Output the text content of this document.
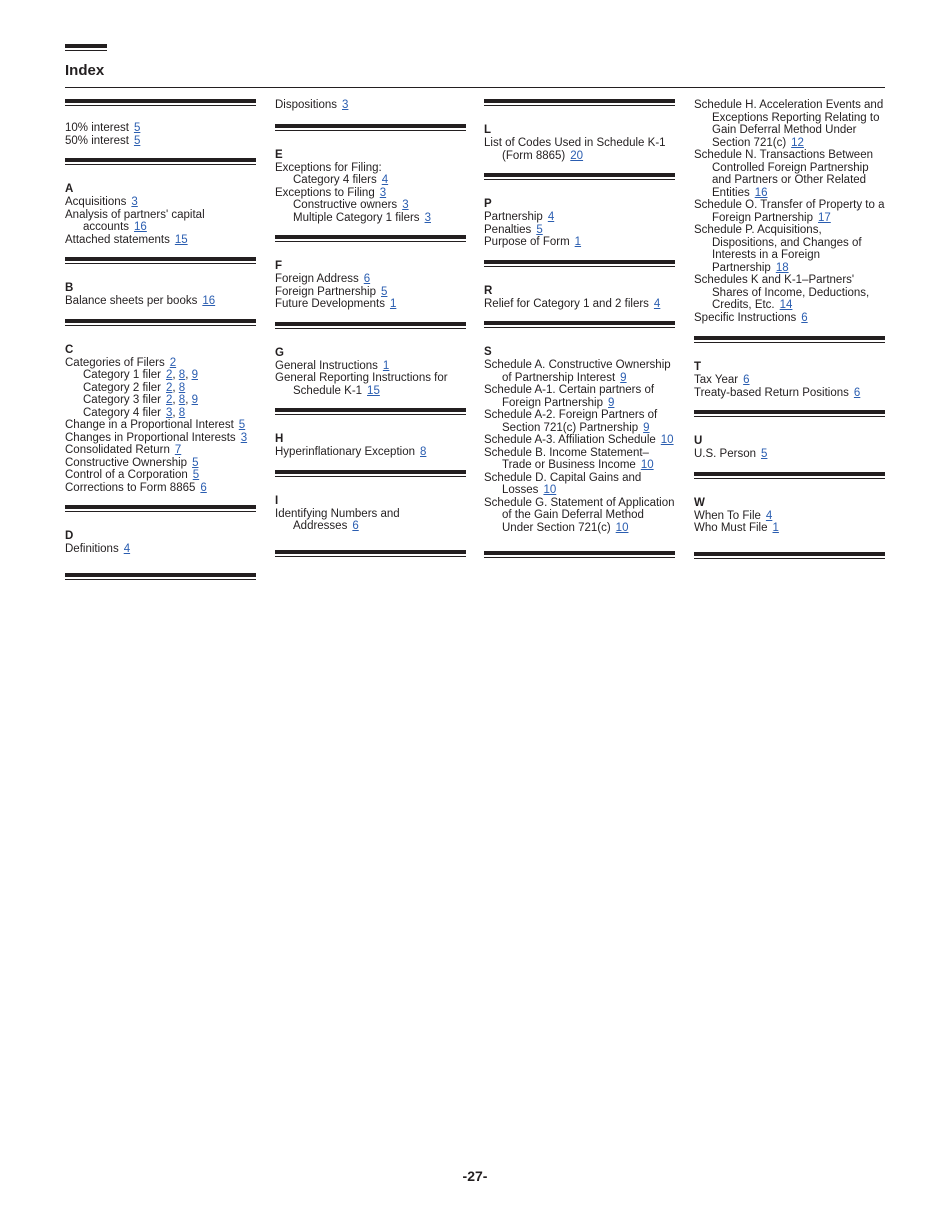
Index
10% interest 5
50% interest 5
A
Acquisitions 3
Analysis of partners' capital accounts 16
Attached statements 15
B
Balance sheets per books 16
C
Categories of Filers 2
Category 1 filer 2, 8, 9
Category 2 filer 2, 8
Category 3 filer 2, 8, 9
Category 4 filer 3, 8
Change in a Proportional Interest 5
Changes in Proportional Interests 3
Consolidated Return 7
Constructive Ownership 5
Control of a Corporation 5
Corrections to Form 8865 6
D
Definitions 4
Dispositions 3
E
Exceptions for Filing:
Category 4 filers 4
Exceptions to Filing 3
Constructive owners 3
Multiple Category 1 filers 3
F
Foreign Address 6
Foreign Partnership 5
Future Developments 1
G
General Instructions 1
General Reporting Instructions for Schedule K-1 15
H
Hyperinflationary Exception 8
I
Identifying Numbers and Addresses 6
L
List of Codes Used in Schedule K-1 (Form 8865) 20
P
Partnership 4
Penalties 5
Purpose of Form 1
R
Relief for Category 1 and 2 filers 4
S
Schedule A. Constructive Ownership of Partnership Interest 9
Schedule A-1. Certain partners of Foreign Partnership 9
Schedule A-2. Foreign Partners of Section 721(c) Partnership 9
Schedule A-3. Affiliation Schedule 10
Schedule B. Income Statement– Trade or Business Income 10
Schedule D. Capital Gains and Losses 10
Schedule G. Statement of Application of the Gain Deferral Method Under Section 721(c) 10
Schedule H. Acceleration Events and Exceptions Reporting Relating to Gain Deferral Method Under Section 721(c) 12
Schedule N. Transactions Between Controlled Foreign Partnership and Partners or Other Related Entities 16
Schedule O. Transfer of Property to a Foreign Partnership 17
Schedule P. Acquisitions, Dispositions, and Changes of Interests in a Foreign Partnership 18
Schedules K and K-1–Partners' Shares of Income, Deductions, Credits, Etc. 14
Specific Instructions 6
T
Tax Year 6
Treaty-based Return Positions 6
U
U.S. Person 5
W
When To File 4
Who Must File 1
-27-
